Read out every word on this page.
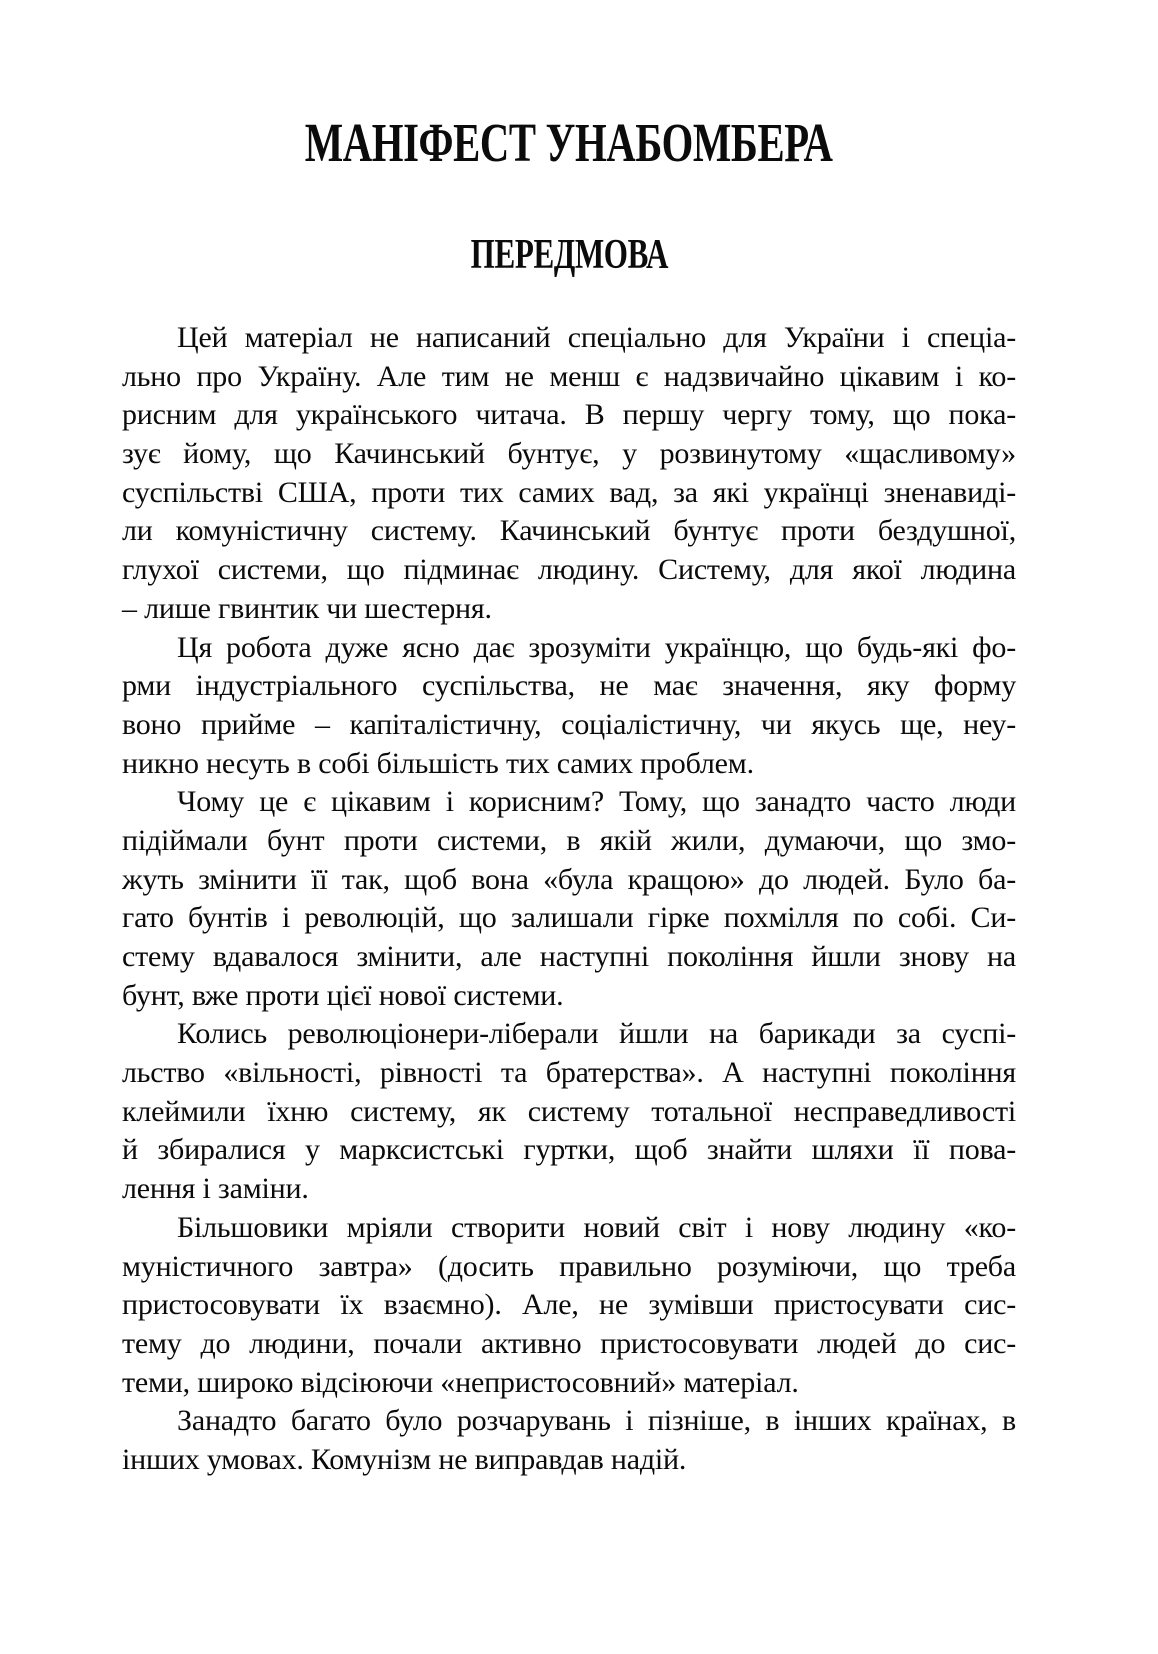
МАНІФЕСТ УНАБОМБЕРА
ПЕРЕДМОВА
Цей матеріал не написаний спеціально для України і спеціа-
льно про Україну. Але тим не менш є надзвичайно цікавим і ко-
рисним для українського читача. В першу чергу тому, що пока-
зує йому, що Качинський бунтує, у розвинутому «щасливому»
суспільстві США, проти тих самих вад, за які українці зненавиді-
ли комуністичну систему. Качинський бунтує проти бездушної,
глухої системи, що підминає людину. Систему, для якої людина
– лише гвинтик чи шестерня.
Ця робота дуже ясно дає зрозуміти українцю, що будь-які фо-
рми індустріального суспільства, не має значення, яку форму
воно прийме – капіталістичну, соціалістичну, чи якусь ще, неу-
никно несуть в собі більшість тих самих проблем.
Чому це є цікавим і корисним? Тому, що занадто часто люди
підіймали бунт проти системи, в якій жили, думаючи, що змо-
жуть змінити її так, щоб вона «була кращою» до людей. Було ба-
гато бунтів і революцій, що залишали гірке похмілля по собі. Си-
стему вдавалося змінити, але наступні покоління йшли знову на
бунт, вже проти цієї нової системи.
Колись революціонери-ліберали йшли на барикади за суспі-
льство «вільності, рівності та братерства». А наступні покоління
клеймили їхню систему, як систему тотальної несправедливості
й збиралися у марксистські гуртки, щоб знайти шляхи її пова-
лення і заміни.
Більшовики мріяли створити новий світ і нову людину «ко-
муністичного завтра» (досить правильно розуміючи, що треба
пристосовувати їх взаємно). Але, не зумівши пристосувати сис-
тему до людини, почали активно пристосовувати людей до сис-
теми, широко відсіюючи «непристосовний» матеріал.
Занадто багато було розчарувань і пізніше, в інших країнах, в
інших умовах. Комунізм не виправдав надій.
